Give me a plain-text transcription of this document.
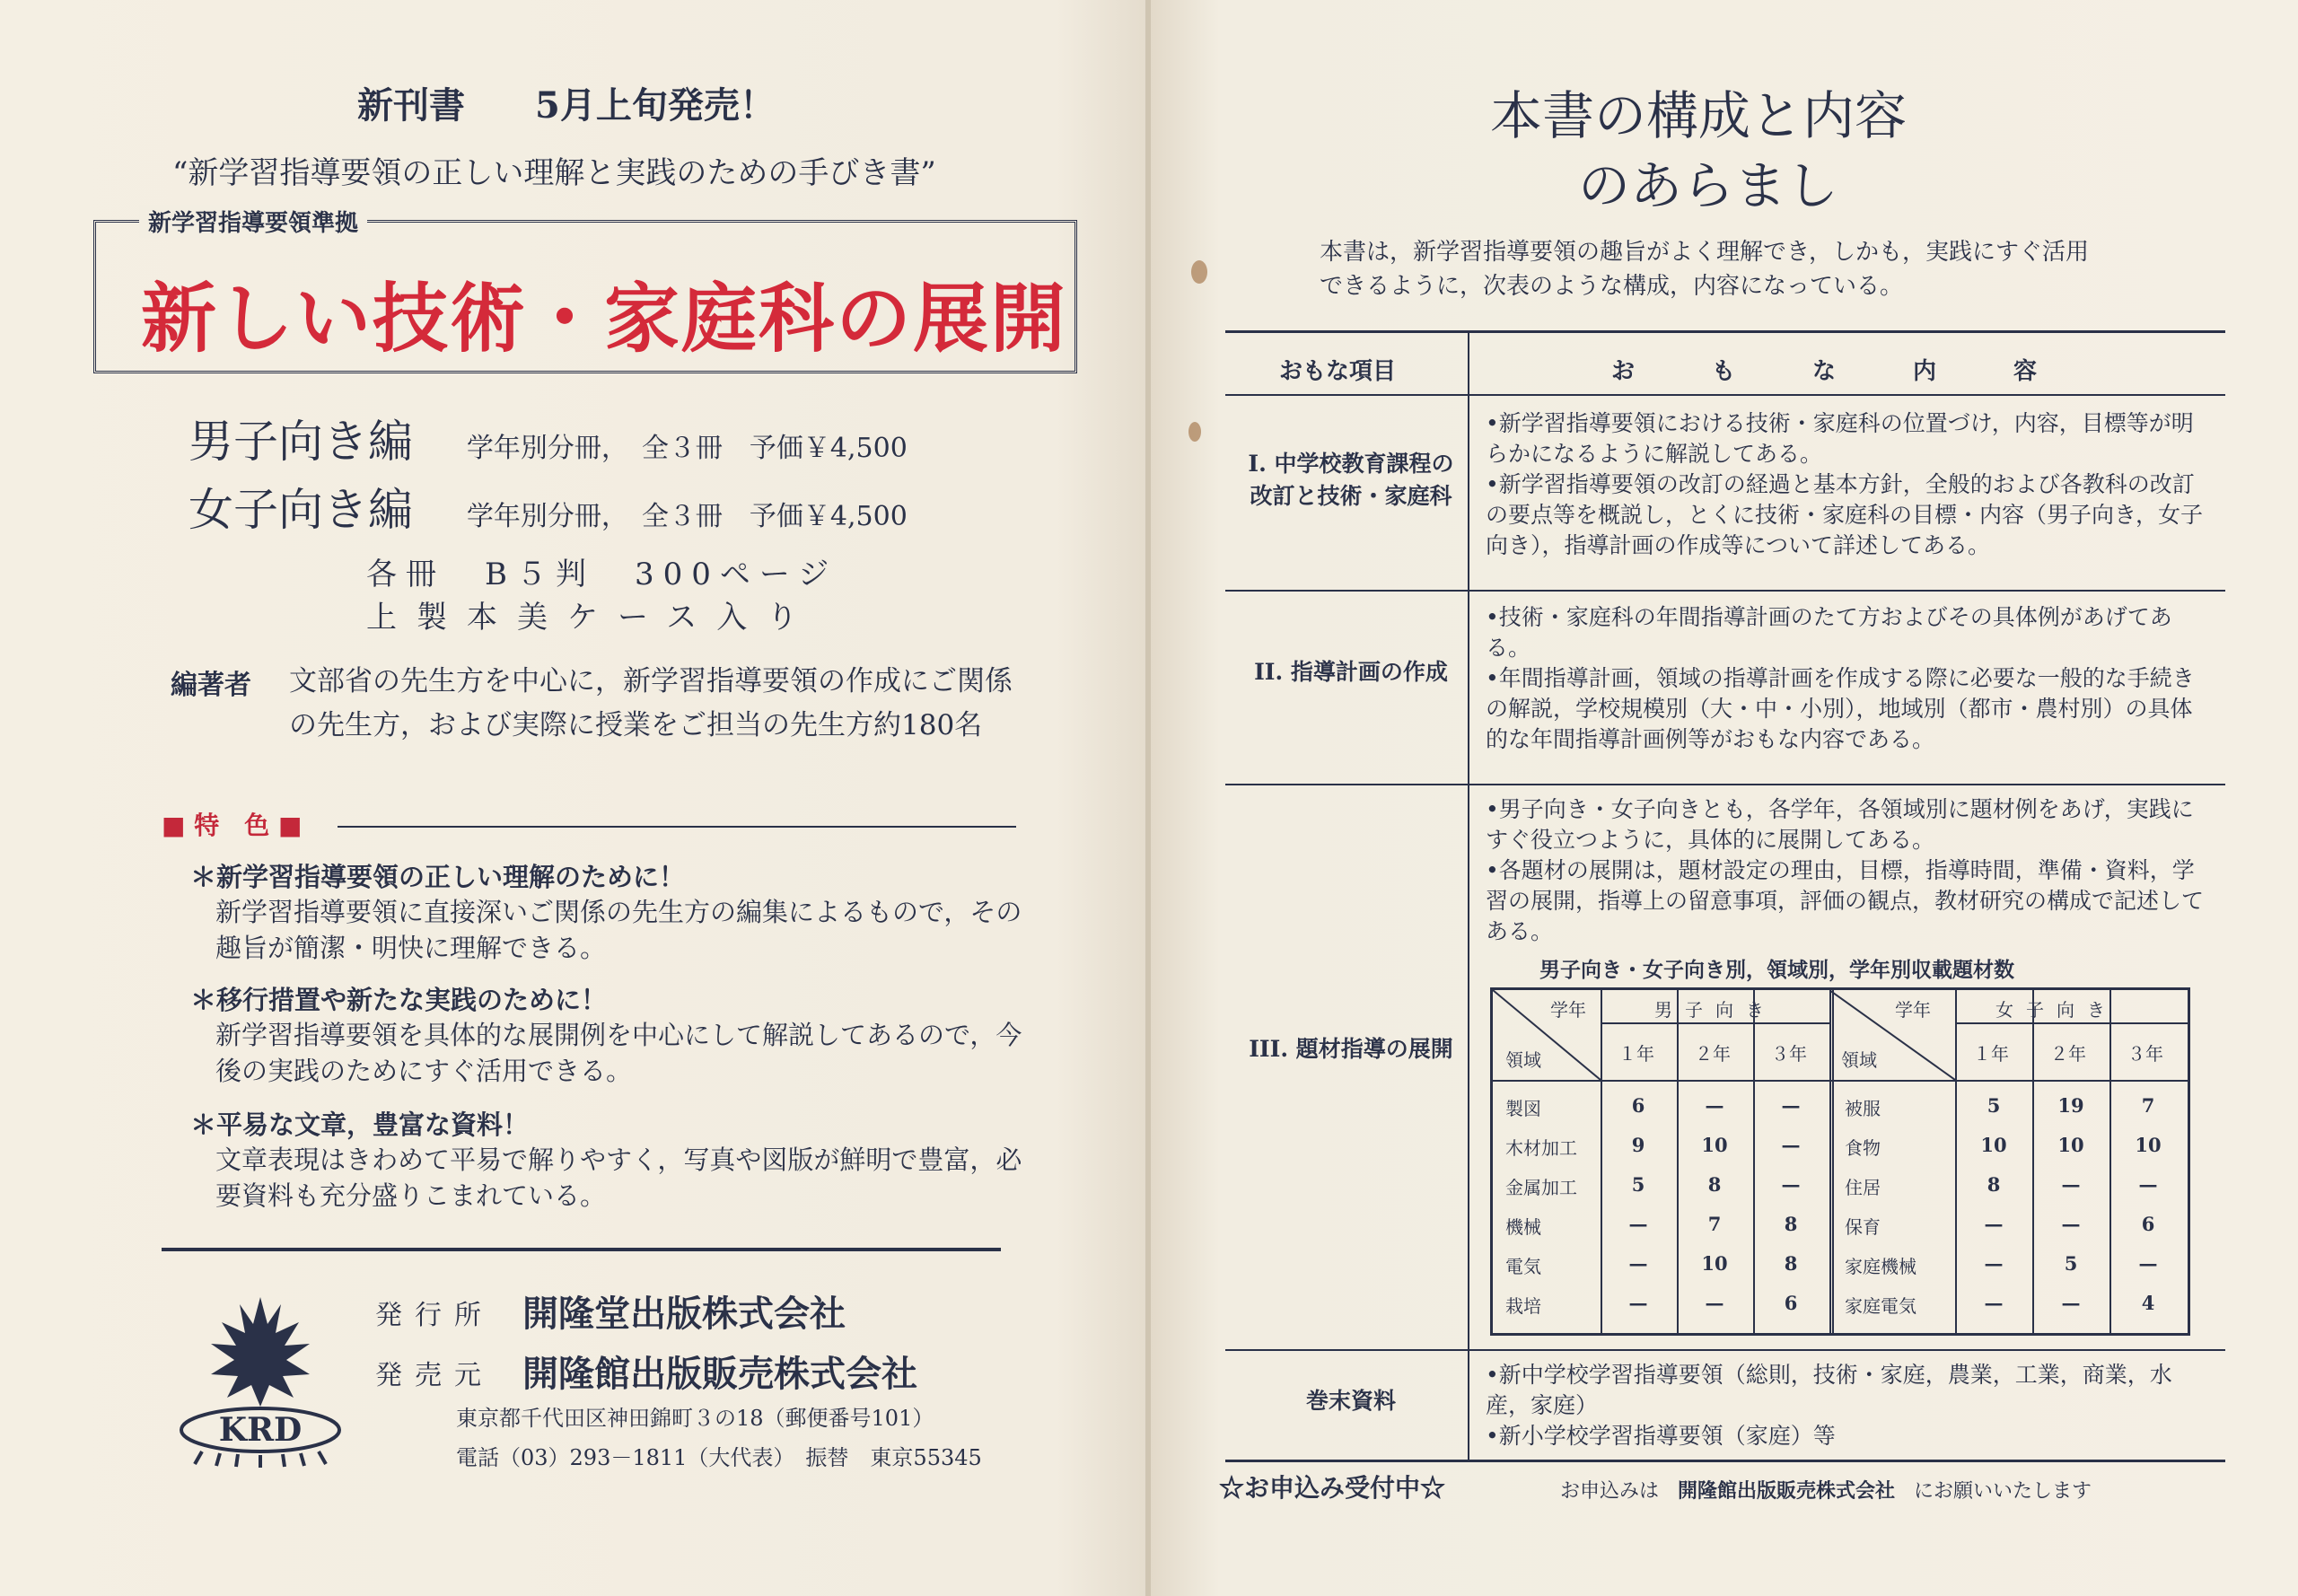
新刊書 5月上旬発売！
“新学習指導要領の正しい理解と実践のための手びき書”
新学習指導要領準拠
新しい技術・家庭科の展開
男子向き編 学年別分冊，　全３冊　予価￥4,500
女子向き編 学年別分冊，　全３冊　予価￥4,500
各冊　B５判　300ページ
上製本美ケース入り
編著者 文部省の先生方を中心に，新学習指導要領の作成にご関係の先生方，および実際に授業をご担当の先生方約180名
■ 特　色 ■
＊新学習指導要領の正しい理解のために！
新学習指導要領に直接深いご関係の先生方の編集によるもので，その趣旨が簡潔・明快に理解できる。
＊移行措置や新たな実践のために！
新学習指導要領を具体的な展開例を中心にして解説してあるので，今後の実践のためにすぐ活用できる。
＊平易な文章，豊富な資料！
文章表現はきわめて平易で解りやすく，写真や図版が鮮明で豊富，必要資料も充分盛りこまれている。
KRD
発行所 開隆堂出版株式会社
発売元 開隆館出版販売株式会社
東京都千代田区神田錦町３の18（郵便番号101）
電話（03）293－1811（大代表）　振替　東京55345
本書の構成と内容
のあらまし
本書は，新学習指導要領の趣旨がよく理解でき，しかも，実践にすぐ活用できるように，次表のような構成，内容になっている。
おもな項目	おもな内容
I. 中学校教育課程の改訂と技術・家庭科
•新学習指導要領における技術・家庭科の位置づけ，内容，目標等が明らかになるように解説してある。
•新学習指導要領の改訂の経過と基本方針，全般的および各教科の改訂の要点等を概説し，とくに技術・家庭科の目標・内容（男子向き，女子向き），指導計画の作成等について詳述してある。
II. 指導計画の作成
•技術・家庭科の年間指導計画のたて方およびその具体例があげてある。
•年間指導計画，領域の指導計画を作成する際に必要な一般的な手続きの解説，学校規模別（大・中・小別），地域別（都市・農村別）の具体的な年間指導計画例等がおもな内容である。
III. 題材指導の展開
•男子向き・女子向きとも，各学年，各領域別に題材例をあげ，実践にすぐ役立つように，具体的に展開してある。
•各題材の展開は，題材設定の理由，目標，指導時間，準備・資料，学習の展開，指導上の留意事項，評価の観点，教材研究の構成で記述してある。
巻末資料
•新中学校学習指導要領（総則，技術・家庭，農業，工業，商業，水産，家庭）
•新小学校学習指導要領（家庭）等
男子向き・女子向き別，領域別，学年別収載題材数
学年
領域
学年
領域
男子向き	女子向き
１年 ２年 ３年	１年 ２年 ３年
製図	6	—	—
木材加工	9	10	—
金属加工	5	8	—
機械	—	7	8
電気	—	10	8
栽培	—	—	6
被服	5	19	7
食物	10	10	10
住居	8	—	—
保育	—	—	6
家庭機械	—	5	—
家庭電気	—	—	4
☆お申込み受付中☆	お申込みは 開隆館出版販売株式会社 にお願いいたします
